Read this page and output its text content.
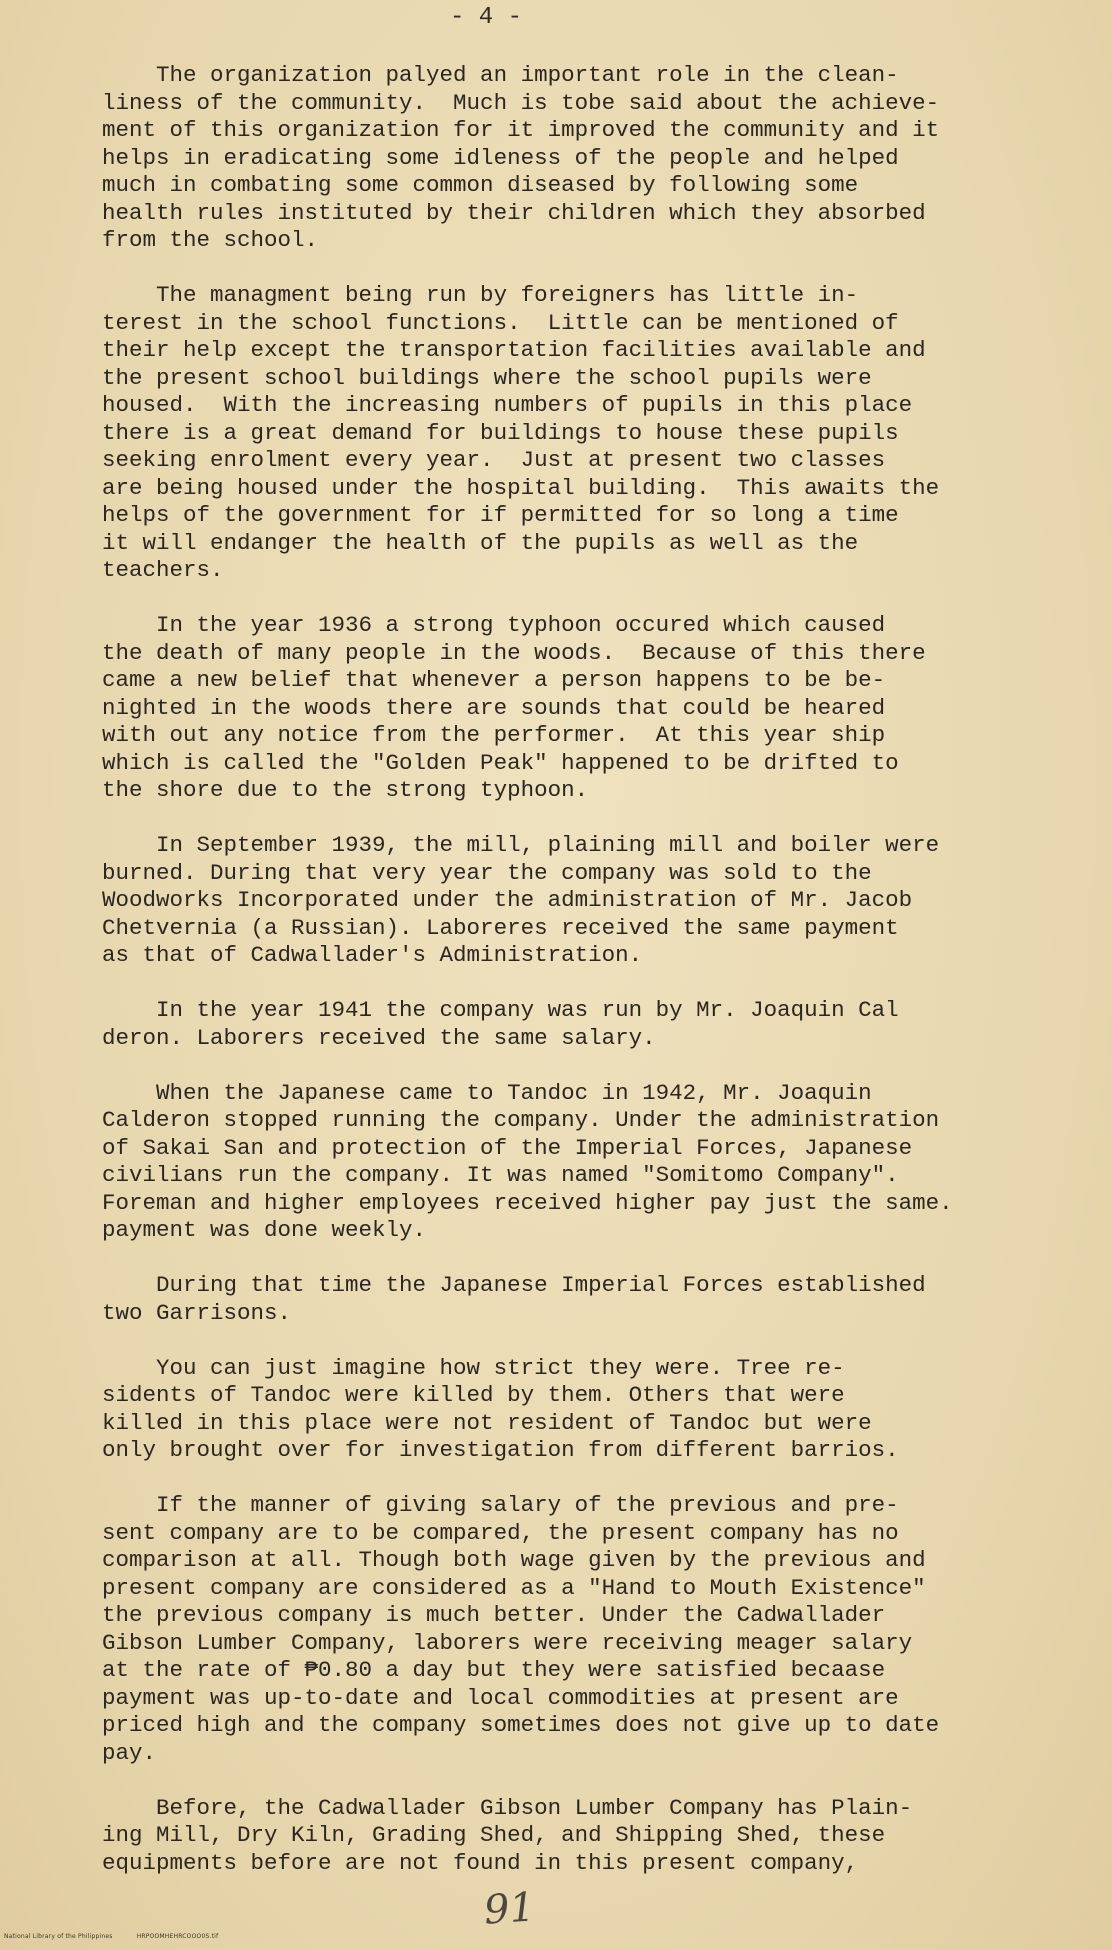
- 4 -
The organization palyed an important role in the clean-
liness of the community.  Much is tobe said about the achieve-
ment of this organization for it improved the community and it
helps in eradicating some idleness of the people and helped
much in combating some common diseased by following some
health rules instituted by their children which they absorbed
from the school.
The managment being run by foreigners has little in-
terest in the school functions.  Little can be mentioned of
their help except the transportation facilities available and
the present school buildings where the school pupils were
housed.  With the increasing numbers of pupils in this place
there is a great demand for buildings to house these pupils
seeking enrolment every year.  Just at present two classes
are being housed under the hospital building.  This awaits the
helps of the government for if permitted for so long a time
it will endanger the health of the pupils as well as the
teachers.
In the year 1936 a strong typhoon occured which caused
the death of many people in the woods.  Because of this there
came a new belief that whenever a person happens to be be-
nighted in the woods there are sounds that could be heared
with out any notice from the performer.  At this year ship
which is called the "Golden Peak" happened to be drifted to
the shore due to the strong typhoon.
In September 1939, the mill, plaining mill and boiler were
burned. During that very year the company was sold to the
Woodworks Incorporated under the administration of Mr. Jacob
Chetvernia (a Russian). Laboreres received the same payment
as that of Cadwallader's Administration.
In the year 1941 the company was run by Mr. Joaquin Cal
deron. Laborers received the same salary.
When the Japanese came to Tandoc in 1942, Mr. Joaquin
Calderon stopped running the company. Under the administration
of Sakai San and protection of the Imperial Forces, Japanese
civilians run the company. It was named "Somitomo Company".
Foreman and higher employees received higher pay just the same.
payment was done weekly.
During that time the Japanese Imperial Forces established
two Garrisons.
You can just imagine how strict they were. Tree re-
sidents of Tandoc were killed by them. Others that were
killed in this place were not resident of Tandoc but were
only brought over for investigation from different barrios.
If the manner of giving salary of the previous and pre-
sent company are to be compared, the present company has no
comparison at all. Though both wage given by the previous and
present company are considered as a "Hand to Mouth Existence"
the previous company is much better. Under the Cadwallader
Gibson Lumber Company, laborers were receiving meager salary
at the rate of ₱0.80 a day but they were satisfied becaase
payment was up-to-date and local commodities at present are
priced high and the company sometimes does not give up to date
pay.
Before, the Cadwallader Gibson Lumber Company has Plain-
ing Mill, Dry Kiln, Grading Shed, and Shipping Shed, these
equipments before are not found in this present company,
91
National Library of the Philippines	HRPOOMHEHRCOOO0S.tif
